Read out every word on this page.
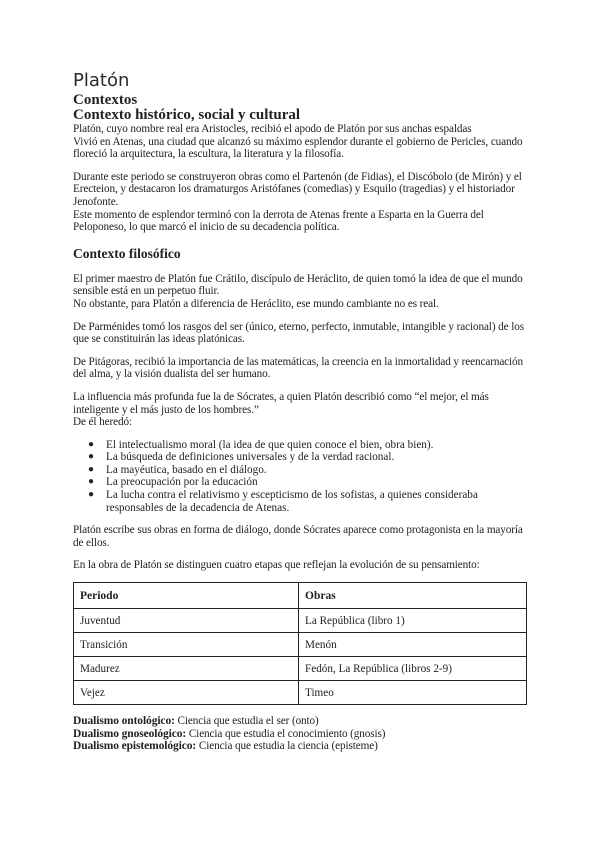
Platón
Contextos
Contexto histórico, social y cultural

Platón, cuyo nombre real era Aristocles, recibió el apodo de Platón por sus anchas espaldas

Vivió en Atenas, una ciudad que alcanzó su máximo esplendor durante el gobierno de Pericles, cuando floreció la arquitectura, la escultura, la literatura y la filosofía.

Durante este periodo se construyeron obras como el Partenón (de Fidias), el Discóbolo (de Mirón) y el Erecteion, y destacaron los dramaturgos Aristófanes (comedias) y Esquilo (tragedias) y el historiador Jenofonte.

Este momento de esplendor terminó con la derrota de Atenas frente a Esparta en la Guerra del Peloponeso, lo que marcó el inicio de su decadencia política.

Contexto filosófico

El primer maestro de Platón fue Crátilo, discípulo de Heráclito, de quien tomó la idea de que el mundo sensible está en un perpetuo fluir.

No obstante, para Platón a diferencia de Heráclito, ese mundo cambiante no es real.

De Parménides tomó los rasgos del ser (único, eterno, perfecto, inmutable, intangible y racional) de los que se constituirán las ideas platónicas.

De Pitágoras, recibió la importancia de las matemáticas, la creencia en la inmortalidad y reencarnación del alma, y la visión dualista del ser humano.

La influencia más profunda fue la de Sócrates, a quien Platón describió como “el mejor, el más inteligente y el más justo de los hombres.”

De él heredó:

● El intelectualismo moral (la idea de que quien conoce el bien, obra bien).
● La búsqueda de definiciones universales y de la verdad racional.
● La mayéutica, basado en el diálogo.
● La preocupación por la educación
● La lucha contra el relativismo y escepticismo de los sofistas, a quienes consideraba responsables de la decadencia de Atenas.

Platón escribe sus obras en forma de diálogo, donde Sócrates aparece como protagonista en la mayoría de ellos.

En la obra de Platón se distinguen cuatro etapas que reflejan la evolución de su pensamiento:

Periodo	Obras
Juventud	La República (libro 1)
Transición	Menón
Madurez	Fedón, La República (libros 2-9)
Vejez	Timeo

Dualismo ontológico: Ciencia que estudia el ser (onto)

Dualismo gnoseológico: Ciencia que estudia el conocimiento (gnosis)

Dualismo epistemológico: Ciencia que estudia la ciencia (episteme)
